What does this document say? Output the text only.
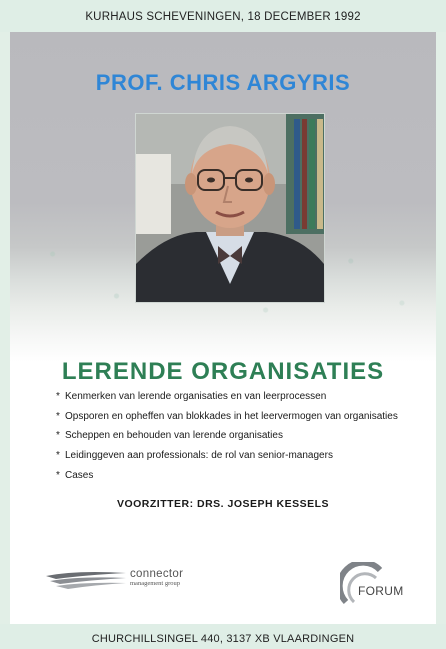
KURHAUS SCHEVENINGEN, 18 DECEMBER 1992
PROF. CHRIS ARGYRIS
LERENDE ORGANISATIES
* Kenmerken van lerende organisaties en van leerprocessen
* Opsporen en opheffen van blokkades in het leervermogen van organisaties
* Scheppen en behouden van lerende organisaties
* Leidinggeven aan professionals: de rol van senior-managers
* Cases
VOORZITTER: DRS. JOSEPH KESSELS
connector
management group
FORUM
CHURCHILLSINGEL 440, 3137 XB VLAARDINGEN
